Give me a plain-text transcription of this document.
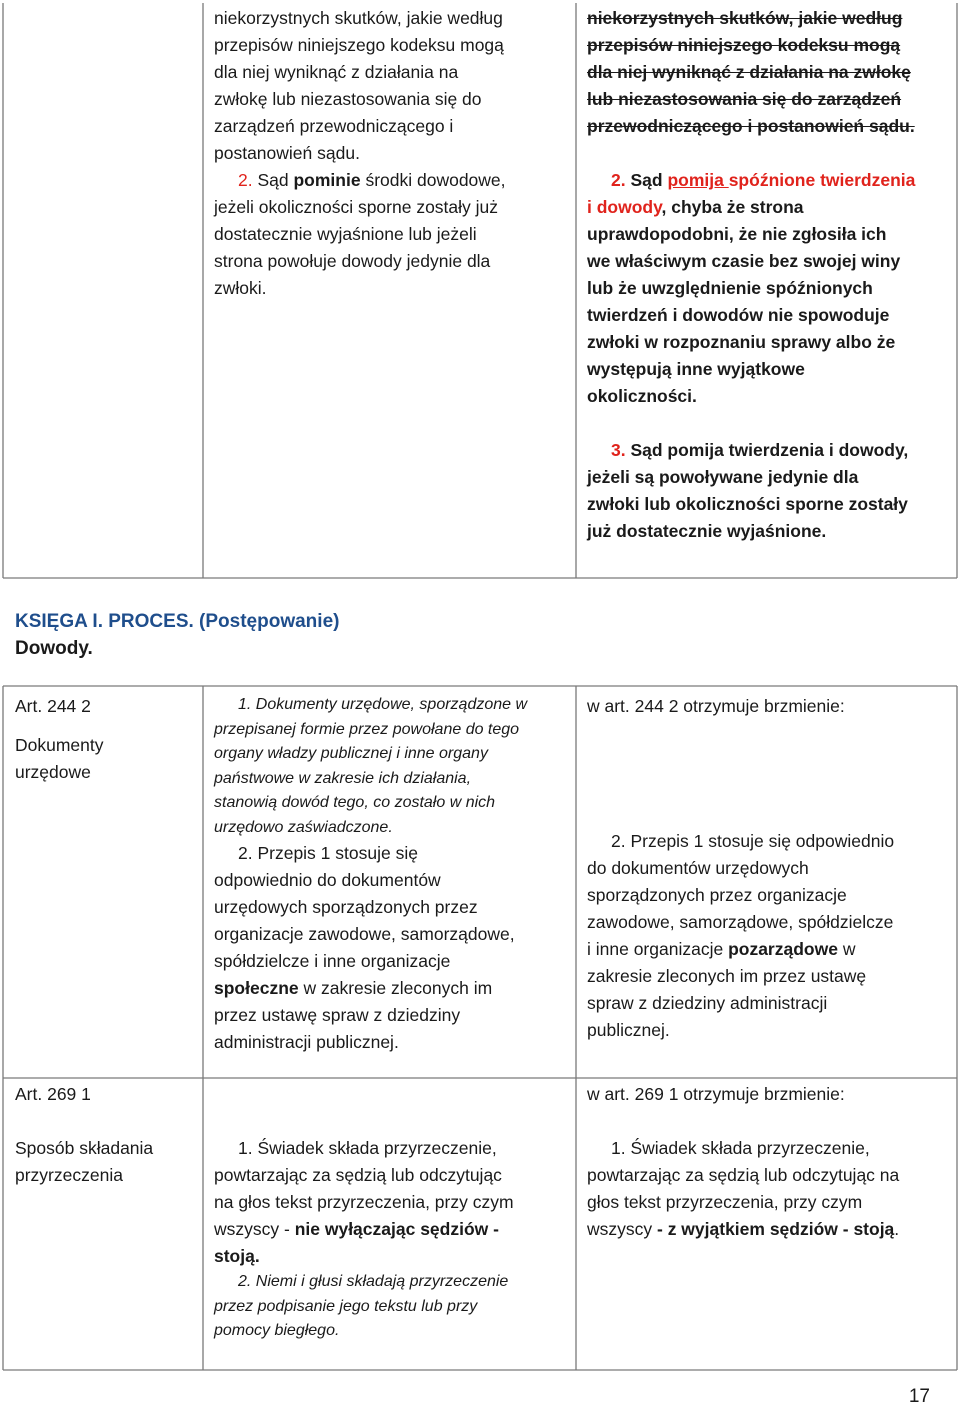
niekorzystnych skutków, jakie według

przepisów niniejszego kodeksu mogą

dla niej wyniknąć z działania na

zwłokę lub niezastosowania się do

zarządzeń przewodniczącego i

postanowień sądu.

2. Sąd pominie środki dowodowe,

jeżeli okoliczności sporne zostały już

dostatecznie wyjaśnione lub jeżeli

strona powołuje dowody jedynie dla

zwłoki.

niekorzystnych skutków, jakie według

przepisów niniejszego kodeksu mogą

dla niej wyniknąć z działania na zwłokę

lub niezastosowania się do zarządzeń

przewodniczącego i postanowień sądu.

2. Sąd pomija spóźnione twierdzenia

i dowody, chyba że strona

uprawdopodobni, że nie zgłosiła ich

we właściwym czasie bez swojej winy

lub że uwzględnienie spóźnionych

twierdzeń i dowodów nie spowoduje

zwłoki w rozpoznaniu sprawy albo że

występują inne wyjątkowe

okoliczności.

3. Sąd pomija twierdzenia i dowody,

jeżeli są powoływane jedynie dla

zwłoki lub okoliczności sporne zostały

już dostatecznie wyjaśnione.

KSIĘGA I. PROCES. (Postępowanie)
Dowody.

Art. 244 2

Dokumenty

urzędowe

1. Dokumenty urzędowe, sporządzone w

przepisanej formie przez powołane do tego

organy władzy publicznej i inne organy

państwowe w zakresie ich działania,

stanowią dowód tego, co zostało w nich

urzędowo zaświadczone.

2. Przepis 1 stosuje się

odpowiednio do dokumentów

urzędowych sporządzonych przez

organizacje zawodowe, samorządowe,

spółdzielcze i inne organizacje

społeczne w zakresie zleconych im

przez ustawę spraw z dziedziny

administracji publicznej.

w art. 244 2 otrzymuje brzmienie:

2. Przepis 1 stosuje się odpowiednio

do dokumentów urzędowych

sporządzonych przez organizacje

zawodowe, samorządowe, spółdzielcze

i inne organizacje pozarządowe w

zakresie zleconych im przez ustawę

spraw z dziedziny administracji

publicznej.

Art. 269 1

Sposób składania

przyrzeczenia

1. Świadek składa przyrzeczenie,

powtarzając za sędzią lub odczytując

na głos tekst przyrzeczenia, przy czym

wszyscy - nie wyłączając sędziów -

stoją.

2. Niemi i głusi składają przyrzeczenie

przez podpisanie jego tekstu lub przy

pomocy biegłego.

w art. 269 1 otrzymuje brzmienie:

1. Świadek składa przyrzeczenie,

powtarzając za sędzią lub odczytując na

głos tekst przyrzeczenia, przy czym

wszyscy - z wyjątkiem sędziów - stoją.

17
